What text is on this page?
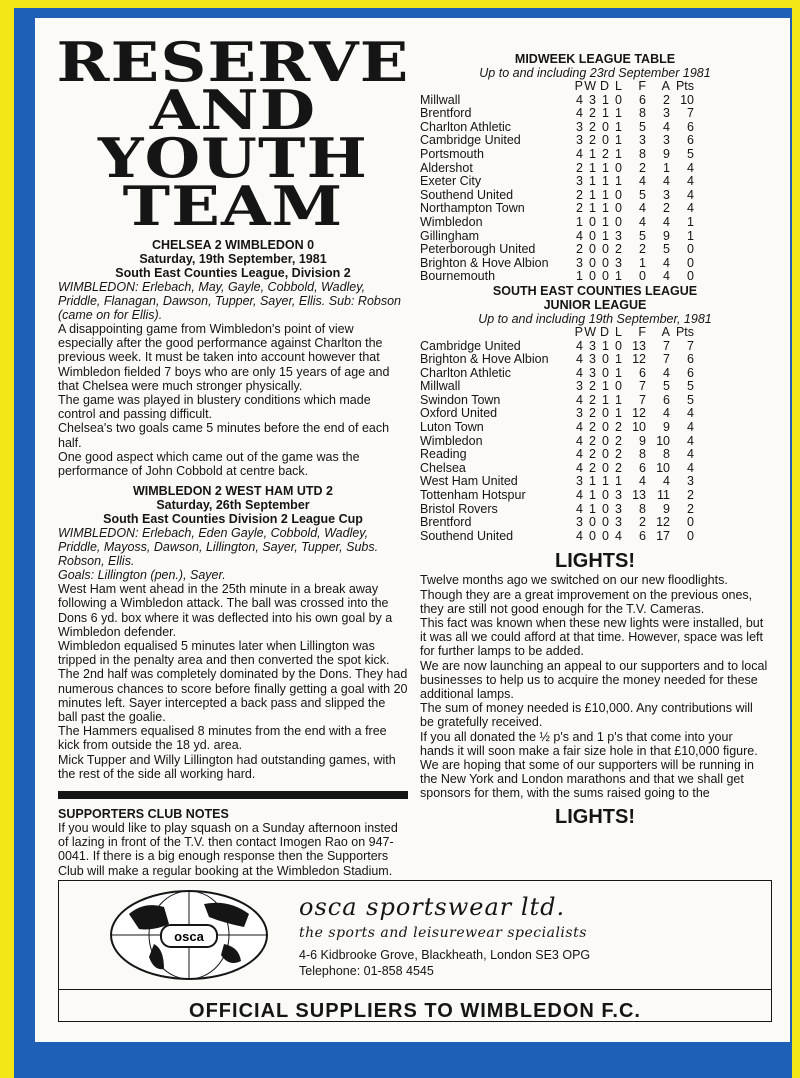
RESERVE
AND
YOUTH TEAM
CHELSEA 2 WIMBLEDON 0
Saturday, 19th September, 1981
South East Counties League, Division 2
WIMBLEDON: Erlebach, May, Gayle, Cobbold, Wadley, Priddle, Flanagan, Dawson, Tupper, Sayer, Ellis. Sub: Robson (came on for Ellis).

A disappointing game from Wimbledon's point of view especially after the good performance against Charlton the previous week. It must be taken into account however that Wimbledon fielded 7 boys who are only 15 years of age and that Chelsea were much stronger physically.

The game was played in blustery conditions which made control and passing difficult.

Chelsea's two goals came 5 minutes before the end of each half.

One good aspect which came out of the game was the performance of John Cobbold at centre back.

WIMBLEDON 2 WEST HAM UTD 2
Saturday, 26th September
South East Counties Division 2 League Cup
WIMBLEDON: Erlebach, Eden Gayle, Cobbold, Wadley, Priddle, Mayoss, Dawson, Lillington, Sayer, Tupper, Subs. Robson, Ellis.
Goals: Lillington (pen.), Sayer.

West Ham went ahead in the 25th minute in a break away following a Wimbledon attack. The ball was crossed into the Dons 6 yd. box where it was deflected into his own goal by a Wimbledon defender.

Wimbledon equalised 5 minutes later when Lillington was tripped in the penalty area and then converted the spot kick.

The 2nd half was completely dominated by the Dons. They had numerous chances to score before finally getting a goal with 20 minutes left. Sayer intercepted a back pass and slipped the ball past the goalie.

The Hammers equalised 8 minutes from the end with a free kick from outside the 18 yd. area.

Mick Tupper and Willy Lillington had outstanding games, with the rest of the side all working hard.

SUPPORTERS CLUB NOTES

If you would like to play squash on a Sunday afternoon insted of lazing in front of the T.V. then contact Imogen Rao on 947-0041. If there is a big enough response then the Supporters Club will make a regular booking at the Wimbledon Stadium.

MIDWEEK LEAGUE TABLE
Up to and including 23rd September 1981
	P	W	D	L	F	A	Pts
Millwall	4	3	1	0	6	2	10
Brentford	4	2	1	1	8	3	7
Charlton Athletic	3	2	0	1	5	4	6
Cambridge United	3	2	0	1	3	3	6
Portsmouth	4	1	2	1	8	9	5
Aldershot	2	1	1	0	2	1	4
Exeter City	3	1	1	1	4	4	4
Southend United	2	1	1	0	5	3	4
Northampton Town	2	1	1	0	4	2	4
Wimbledon	1	0	1	0	4	4	1
Gillingham	4	0	1	3	5	9	1
Peterborough United	2	0	0	2	2	5	0
Brighton & Hove Albion	3	0	0	3	1	4	0
Bournemouth	1	0	0	1	0	4	0
SOUTH EAST COUNTIES LEAGUE
JUNIOR LEAGUE
Up to and including 19th September, 1981
	P	W	D	L	F	A	Pts
Cambridge United	4	3	1	0	13	7	7
Brighton & Hove Albion	4	3	0	1	12	7	6
Charlton Athletic	4	3	0	1	6	4	6
Millwall	3	2	1	0	7	5	5
Swindon Town	4	2	1	1	7	6	5
Oxford United	3	2	0	1	12	4	4
Luton Town	4	2	0	2	10	9	4
Wimbledon	4	2	0	2	9	10	4
Reading	4	2	0	2	8	8	4
Chelsea	4	2	0	2	6	10	4
West Ham United	3	1	1	1	4	4	3
Tottenham Hotspur	4	1	0	3	13	11	2
Bristol Rovers	4	1	0	3	8	9	2
Brentford	3	0	0	3	2	12	0
Southend United	4	0	0	4	6	17	0
LIGHTS!

Twelve months ago we switched on our new floodlights. Though they are a great improvement on the previous ones, they are still not good enough for the T.V. Cameras.

This fact was known when these new lights were installed, but it was all we could afford at that time. However, space was left for further lamps to be added.

We are now launching an appeal to our supporters and to local businesses to help us to acquire the money needed for these additional lamps.

The sum of money needed is £10,000. Any contributions will be gratefully received.

If you all donated the ½ p's and 1 p's that come into your hands it will soon make a fair size hole in that £10,000 figure.

We are hoping that some of our supporters will be running in the New York and London marathons and that we shall get sponsors for them, with the sums raised going to the

LIGHTS!
osca
osca sportswear ltd.
the sports and leisurewear specialists
4-6 Kidbrooke Grove, Blackheath, London SE3 OPG
Telephone: 01-858 4545
OFFICIAL SUPPLIERS TO WIMBLEDON F.C.
